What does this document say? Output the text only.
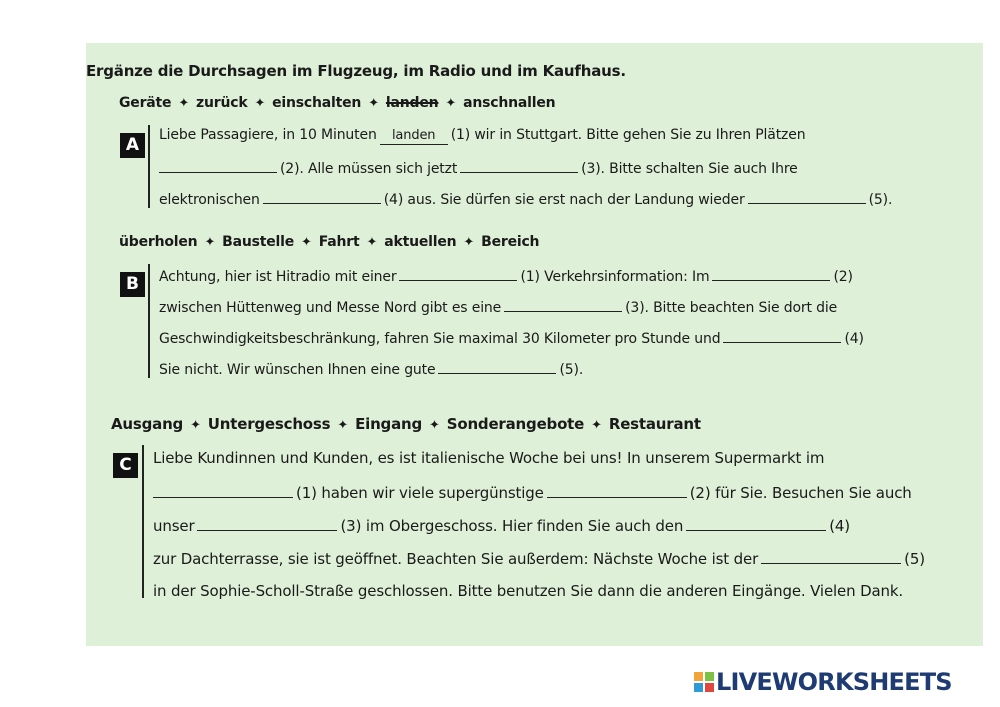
Ergänze die Durchsagen im Flugzeug, im Radio und im Kaufhaus.
Geräte ✦ zurück ✦ einschalten ✦ landen ✦ anschnallen
A	Liebe Passagiere, in 10 Minuten landen (1) wir in Stuttgart. Bitte gehen Sie zu Ihren Plätzen
(2). Alle müssen sich jetzt	(3). Bitte schalten Sie auch Ihre
elektronischen	(4) aus. Sie dürfen sie erst nach der Landung wieder	(5).
überholen ✦ Baustelle ✦ Fahrt ✦ aktuellen ✦ Bereich
B	Achtung, hier ist Hitradio mit einer	(1) Verkehrsinformation: Im	(2)
zwischen Hüttenweg und Messe Nord gibt es eine	(3). Bitte beachten Sie dort die
Geschwindigkeitsbeschränkung, fahren Sie maximal 30 Kilometer pro Stunde und	(4)
Sie nicht. Wir wünschen Ihnen eine gute	(5).
Ausgang ✦ Untergeschoss ✦ Eingang ✦ Sonderangebote ✦ Restaurant
C	Liebe Kundinnen und Kunden, es ist italienische Woche bei uns! In unserem Supermarkt im
(1) haben wir viele supergünstige	(2) für Sie. Besuchen Sie auch
unser	(3) im Obergeschoss. Hier finden Sie auch den	(4)
zur Dachterrasse, sie ist geöffnet. Beachten Sie außerdem: Nächste Woche ist der	(5)
in der Sophie-Scholl-Straße geschlossen. Bitte benutzen Sie dann die anderen Eingänge. Vielen Dank.
LIVEWORKSHEETS
